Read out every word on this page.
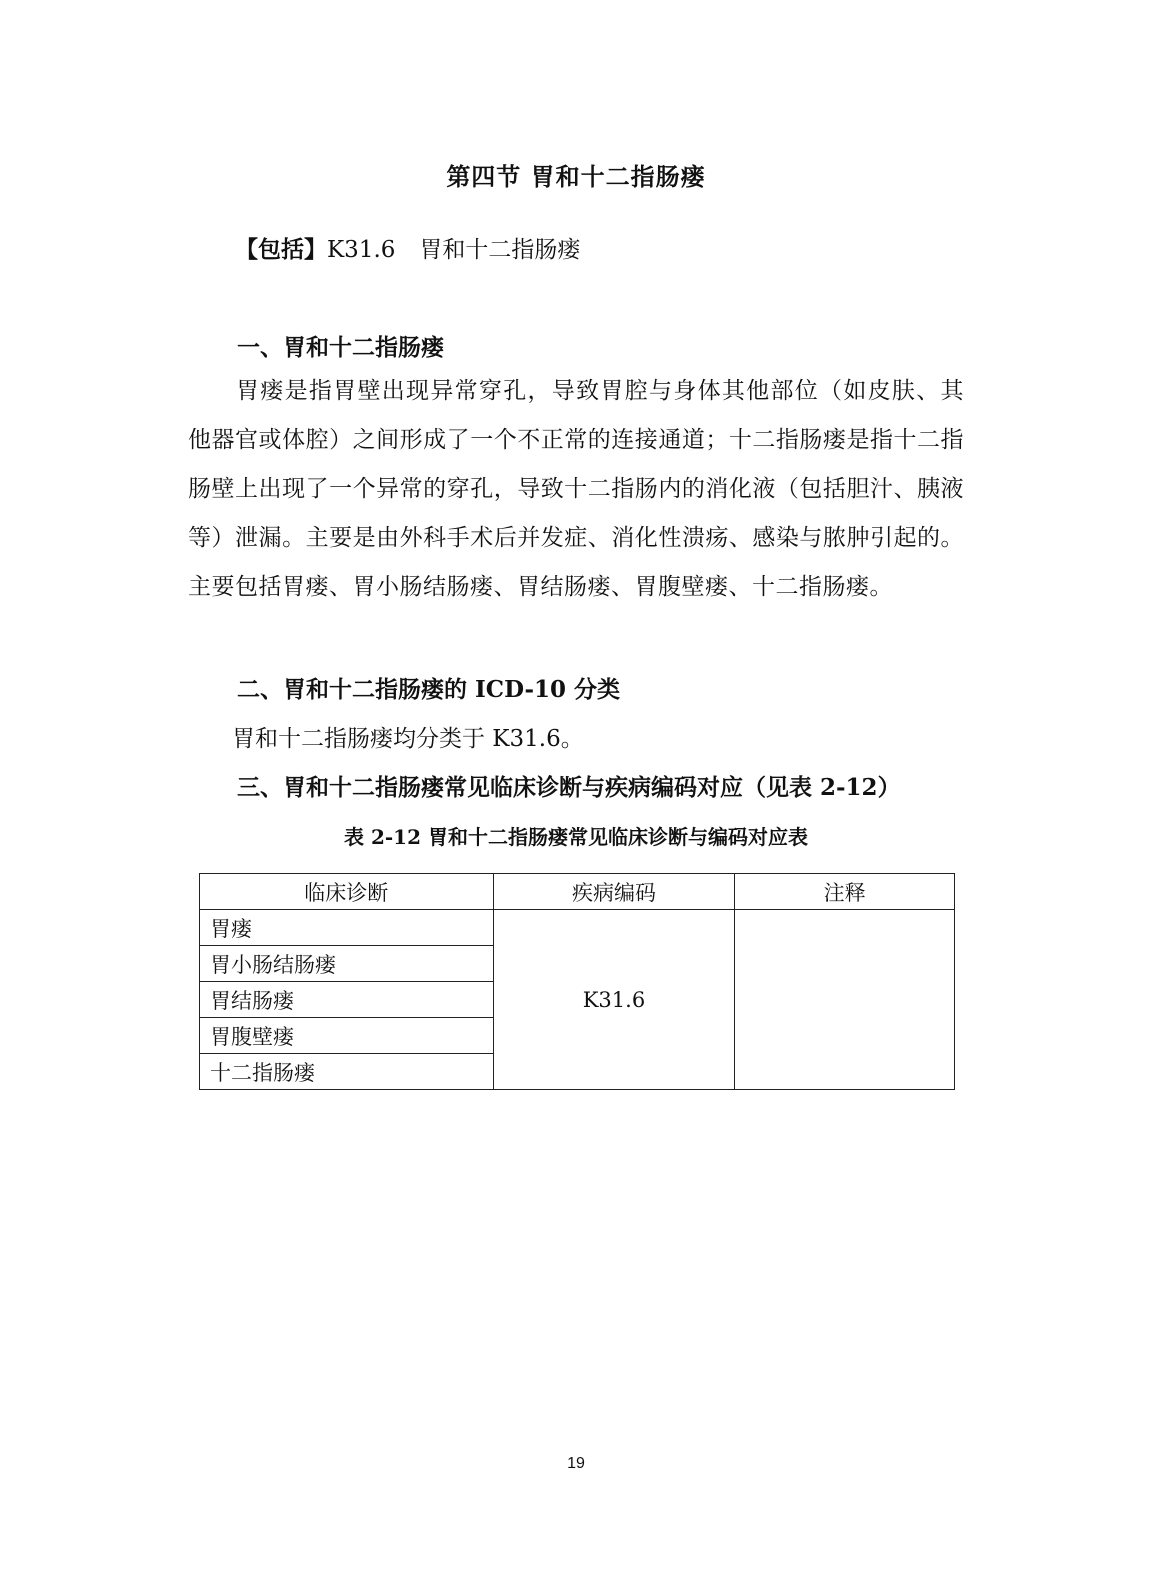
第四节 胃和十二指肠瘘
【包括】K31.6 胃和十二指肠瘘
一、胃和十二指肠瘘
胃瘘是指胃壁出现异常穿孔，导致胃腔与身体其他部位（如皮肤、其他器官或体腔）之间形成了一个不正常的连接通道；十二指肠瘘是指十二指肠壁上出现了一个异常的穿孔，导致十二指肠内的消化液（包括胆汁、胰液等）泄漏。主要是由外科手术后并发症、消化性溃疡、感染与脓肿引起的。主要包括胃瘘、胃小肠结肠瘘、胃结肠瘘、胃腹壁瘘、十二指肠瘘。
二、胃和十二指肠瘘的 ICD-10 分类
胃和十二指肠瘘均分类于 K31.6。
三、胃和十二指肠瘘常见临床诊断与疾病编码对应（见表 2-12）
表 2-12 胃和十二指肠瘘常见临床诊断与编码对应表
临床诊断	疾病编码	注释
胃瘘	K31.6	
胃小肠结肠瘘		
胃结肠瘘		
胃腹壁瘘		
十二指肠瘘		
19
